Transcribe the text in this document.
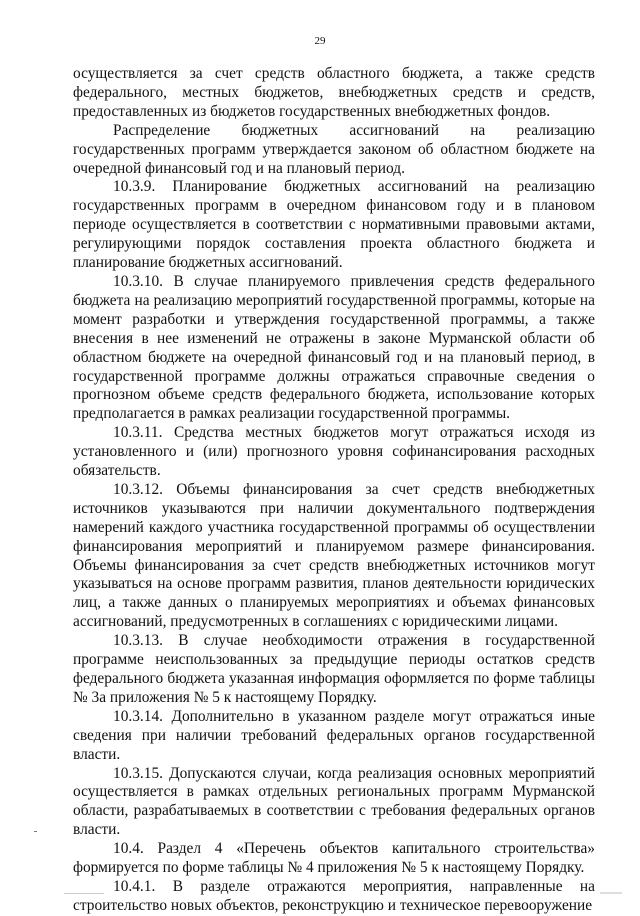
29

осуществляется за счет средств областного бюджета, а также средств федерального, местных бюджетов, внебюджетных средств и средств, предоставленных из бюджетов государственных внебюджетных фондов.

Распределение бюджетных ассигнований на реализацию государственных программ утверждается законом об областном бюджете на очередной финансовый год и на плановый период.

10.3.9. Планирование бюджетных ассигнований на реализацию государственных программ в очередном финансовом году и в плановом периоде осуществляется в соответствии с нормативными правовыми актами, регулирующими порядок составления проекта областного бюджета и планирование бюджетных ассигнований.

10.3.10. В случае планируемого привлечения средств федерального бюджета на реализацию мероприятий государственной программы, которые на момент разработки и утверждения государственной программы, а также внесения в нее изменений не отражены в законе Мурманской области об областном бюджете на очередной финансовый год и на плановый период, в государственной программе должны отражаться справочные сведения о прогнозном объеме средств федерального бюджета, использование которых предполагается в рамках реализации государственной программы.

10.3.11. Средства местных бюджетов могут отражаться исходя из установленного и (или) прогнозного уровня софинансирования расходных обязательств.

10.3.12. Объемы финансирования за счет средств внебюджетных источников указываются при наличии документального подтверждения намерений каждого участника государственной программы об осуществлении финансирования мероприятий и планируемом размере финансирования. Объемы финансирования за счет средств внебюджетных источников могут указываться на основе программ развития, планов деятельности юридических лиц, а также данных о планируемых мероприятиях и объемах финансовых ассигнований, предусмотренных в соглашениях с юридическими лицами.

10.3.13. В случае необходимости отражения в государственной программе неиспользованных за предыдущие периоды остатков средств федерального бюджета указанная информация оформляется по форме таблицы № 3а приложения № 5 к настоящему Порядку.

10.3.14. Дополнительно в указанном разделе могут отражаться иные сведения при наличии требований федеральных органов государственной власти.

10.3.15. Допускаются случаи, когда реализация основных мероприятий осуществляется в рамках отдельных региональных программ Мурманской области, разрабатываемых в соответствии с требования федеральных органов власти.

10.4. Раздел 4 «Перечень объектов капитального строительства» формируется по форме таблицы № 4 приложения № 5 к настоящему Порядку.

10.4.1. В разделе отражаются мероприятия, направленные на строительство новых объектов, реконструкцию и техническое перевооружение
